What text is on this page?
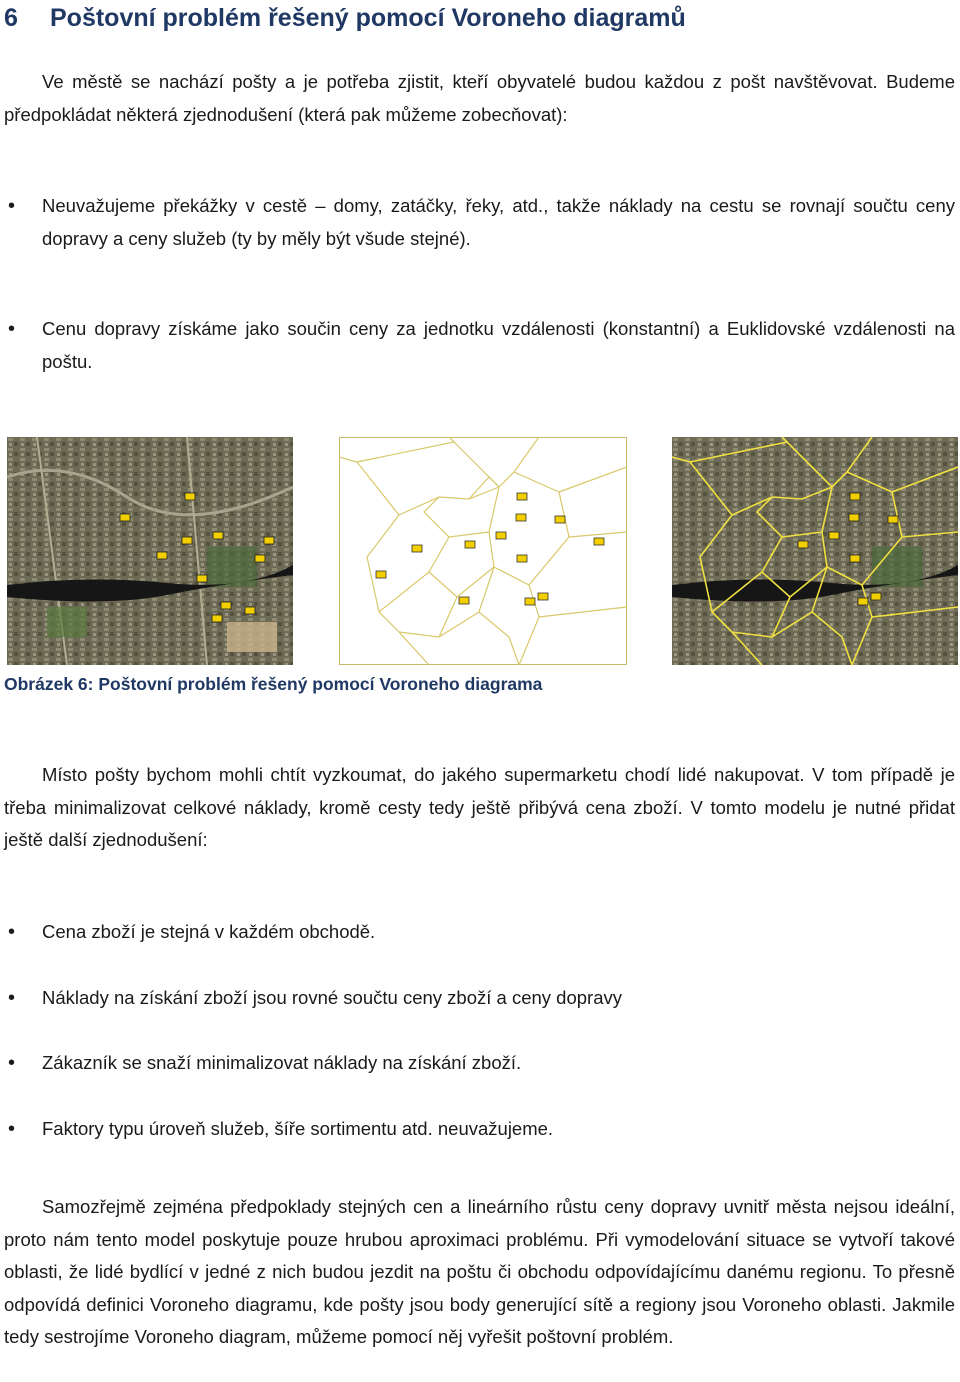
6 Poštovní problém řešený pomocí Voroneho diagramů

Ve městě se nachází pošty a je potřeba zjistit, kteří obyvatelé budou každou z pošt navštěvovat. Budeme předpokládat některá zjednodušení (která pak můžeme zobecňovat):

• Neuvažujeme překážky v cestě – domy, zatáčky, řeky, atd., takže náklady na cestu se rovnají součtu ceny dopravy a ceny služeb (ty by měly být všude stejné).
• Cenu dopravy získáme jako součin ceny za jednotku vzdálenosti (konstantní) a Euklidovské vzdálenosti na poštu.
Obrázek 6: Poštovní problém řešený pomocí Voroneho diagrama

Místo pošty bychom mohli chtít vyzkoumat, do jakého supermarketu chodí lidé nakupovat. V tom případě je třeba minimalizovat celkové náklady, kromě cesty tedy ještě přibývá cena zboží. V tomto modelu je nutné přidat ještě další zjednodušení:

• Cena zboží je stejná v každém obchodě.
• Náklady na získání zboží jsou rovné součtu ceny zboží a ceny dopravy
• Zákazník se snaží minimalizovat náklady na získání zboží.
• Faktory typu úroveň služeb, šíře sortimentu atd. neuvažujeme.

Samozřejmě zejména předpoklady stejných cen a lineárního růstu ceny dopravy uvnitř města nejsou ideální, proto nám tento model poskytuje pouze hrubou aproximaci problému. Při vymodelování situace se vytvoří takové oblasti, že lidé bydlící v jedné z nich budou jezdit na poštu či obchodu odpovídajícímu danému regionu. To přesně odpovídá definici Voroneho diagramu, kde pošty jsou body generující sítě a regiony jsou Voroneho oblasti. Jakmile tedy sestrojíme Voroneho diagram, můžeme pomocí něj vyřešit poštovní problém.
